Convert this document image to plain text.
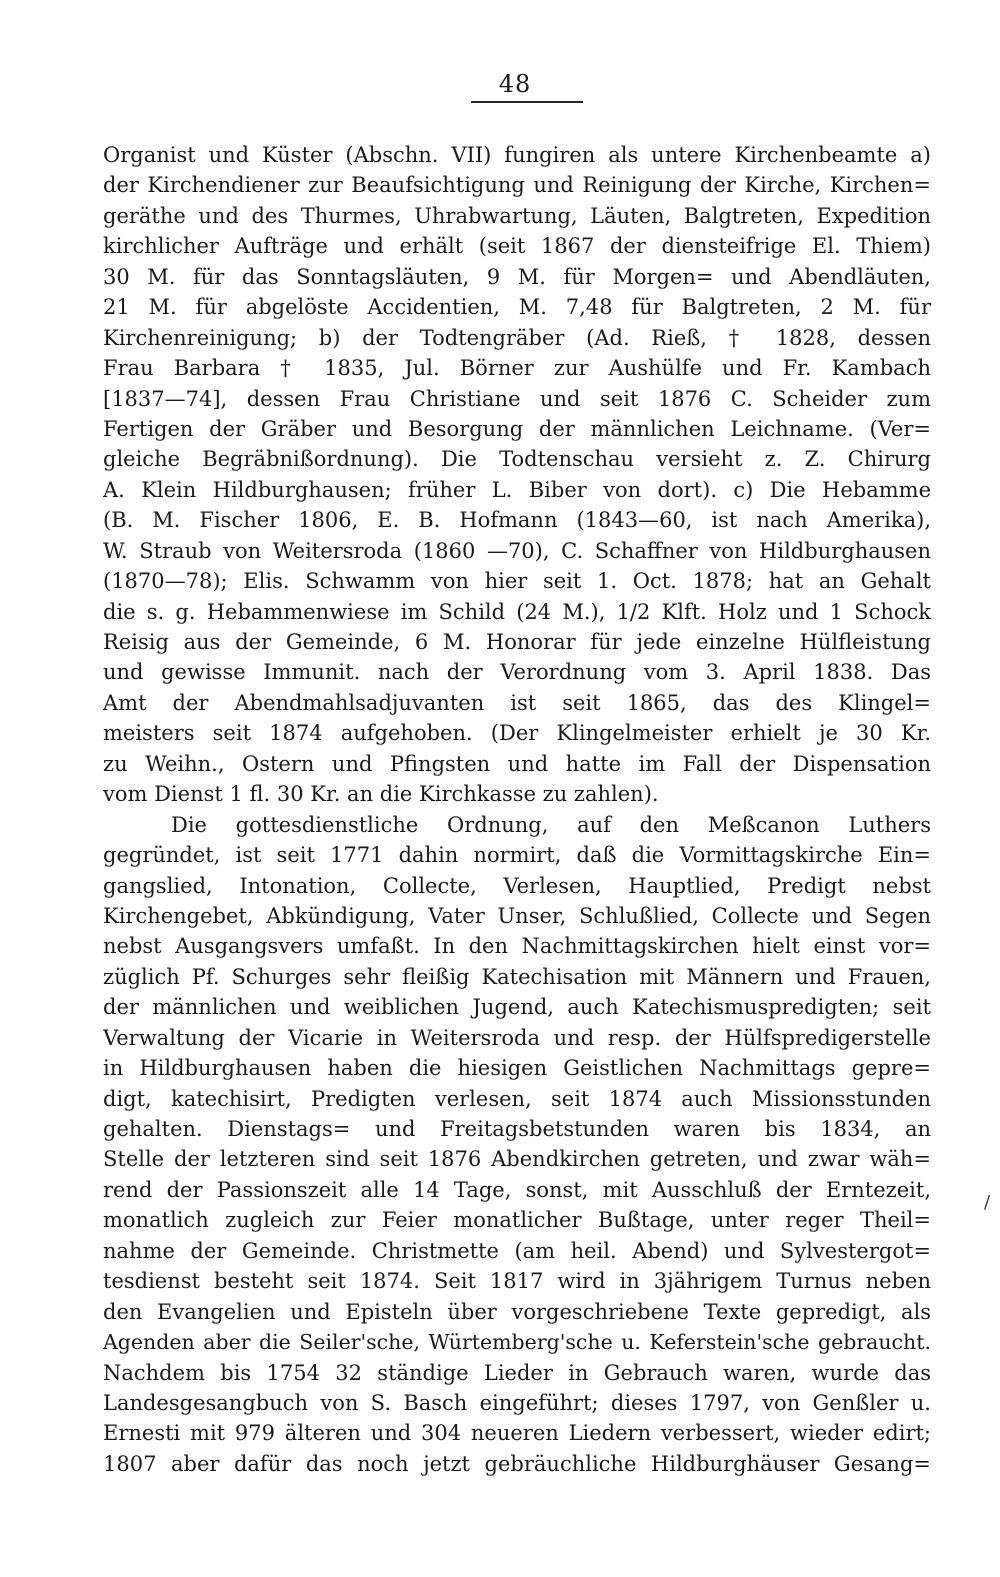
48
Organist und Küster (Abschn. VII) fungiren als untere Kirchenbeamte a)
der Kirchendiener zur Beaufsichtigung und Reinigung der Kirche, Kirchen=
geräthe und des Thurmes, Uhrabwartung, Läuten, Balgtreten, Expedition
kirchlicher Aufträge und erhält (seit 1867 der diensteifrige El. Thiem)
30 M. für das Sonntagsläuten, 9 M. für Morgen= und Abendläuten,
21 M. für abgelöste Accidentien, M. 7,48 für Balgtreten, 2 M. für
Kirchenreinigung; b) der Todtengräber (Ad. Rieß, † 1828, dessen
Frau Barbara † 1835, Jul. Börner zur Aushülfe und Fr. Kambach
[1837—74], dessen Frau Christiane und seit 1876 C. Scheider zum
Fertigen der Gräber und Besorgung der männlichen Leichname. (Ver=
gleiche Begräbnißordnung). Die Todtenschau versieht z. Z. Chirurg
A. Klein Hildburghausen; früher L. Biber von dort). c) Die Hebamme
(B. M. Fischer 1806, E. B. Hofmann (1843—60, ist nach Amerika),
W. Straub von Weitersroda (1860 —70), C. Schaffner von Hildburghausen
(1870—78); Elis. Schwamm von hier seit 1. Oct. 1878; hat an Gehalt
die s. g. Hebammenwiese im Schild (24 M.), 1/2 Klft. Holz und 1 Schock
Reisig aus der Gemeinde, 6 M. Honorar für jede einzelne Hülfleistung
und gewisse Immunit. nach der Verordnung vom 3. April 1838. Das
Amt der Abendmahlsadjuvanten ist seit 1865, das des Klingel=
meisters seit 1874 aufgehoben. (Der Klingelmeister erhielt je 30 Kr.
zu Weihn., Ostern und Pfingsten und hatte im Fall der Dispensation
vom Dienst 1 fl. 30 Kr. an die Kirchkasse zu zahlen).
Die gottesdienstliche Ordnung, auf den Meßcanon Luthers
gegründet, ist seit 1771 dahin normirt, daß die Vormittagskirche Ein=
gangslied, Intonation, Collecte, Verlesen, Hauptlied, Predigt nebst
Kirchengebet, Abkündigung, Vater Unser, Schlußlied, Collecte und Segen
nebst Ausgangsvers umfaßt. In den Nachmittagskirchen hielt einst vor=
züglich Pf. Schurges sehr fleißig Katechisation mit Männern und Frauen,
der männlichen und weiblichen Jugend, auch Katechismuspredigten; seit
Verwaltung der Vicarie in Weitersroda und resp. der Hülfspredigerstelle
in Hildburghausen haben die hiesigen Geistlichen Nachmittags gepre=
digt, katechisirt, Predigten verlesen, seit 1874 auch Missionsstunden
gehalten. Dienstags= und Freitagsbetstunden waren bis 1834, an
Stelle der letzteren sind seit 1876 Abendkirchen getreten, und zwar wäh=
rend der Passionszeit alle 14 Tage, sonst, mit Ausschluß der Erntezeit,
monatlich zugleich zur Feier monatlicher Bußtage, unter reger Theil=
nahme der Gemeinde. Christmette (am heil. Abend) und Sylvestergot=
tesdienst besteht seit 1874. Seit 1817 wird in 3jährigem Turnus neben
den Evangelien und Episteln über vorgeschriebene Texte gepredigt, als
Agenden aber die Seiler'sche, Würtemberg'sche u. Keferstein'sche gebraucht.
Nachdem bis 1754 32 ständige Lieder in Gebrauch waren, wurde das
Landesgesangbuch von S. Basch eingeführt; dieses 1797, von Genßler u.
Ernesti mit 979 älteren und 304 neueren Liedern verbessert, wieder edirt;
1807 aber dafür das noch jetzt gebräuchliche Hildburghäuser Gesang=
/
